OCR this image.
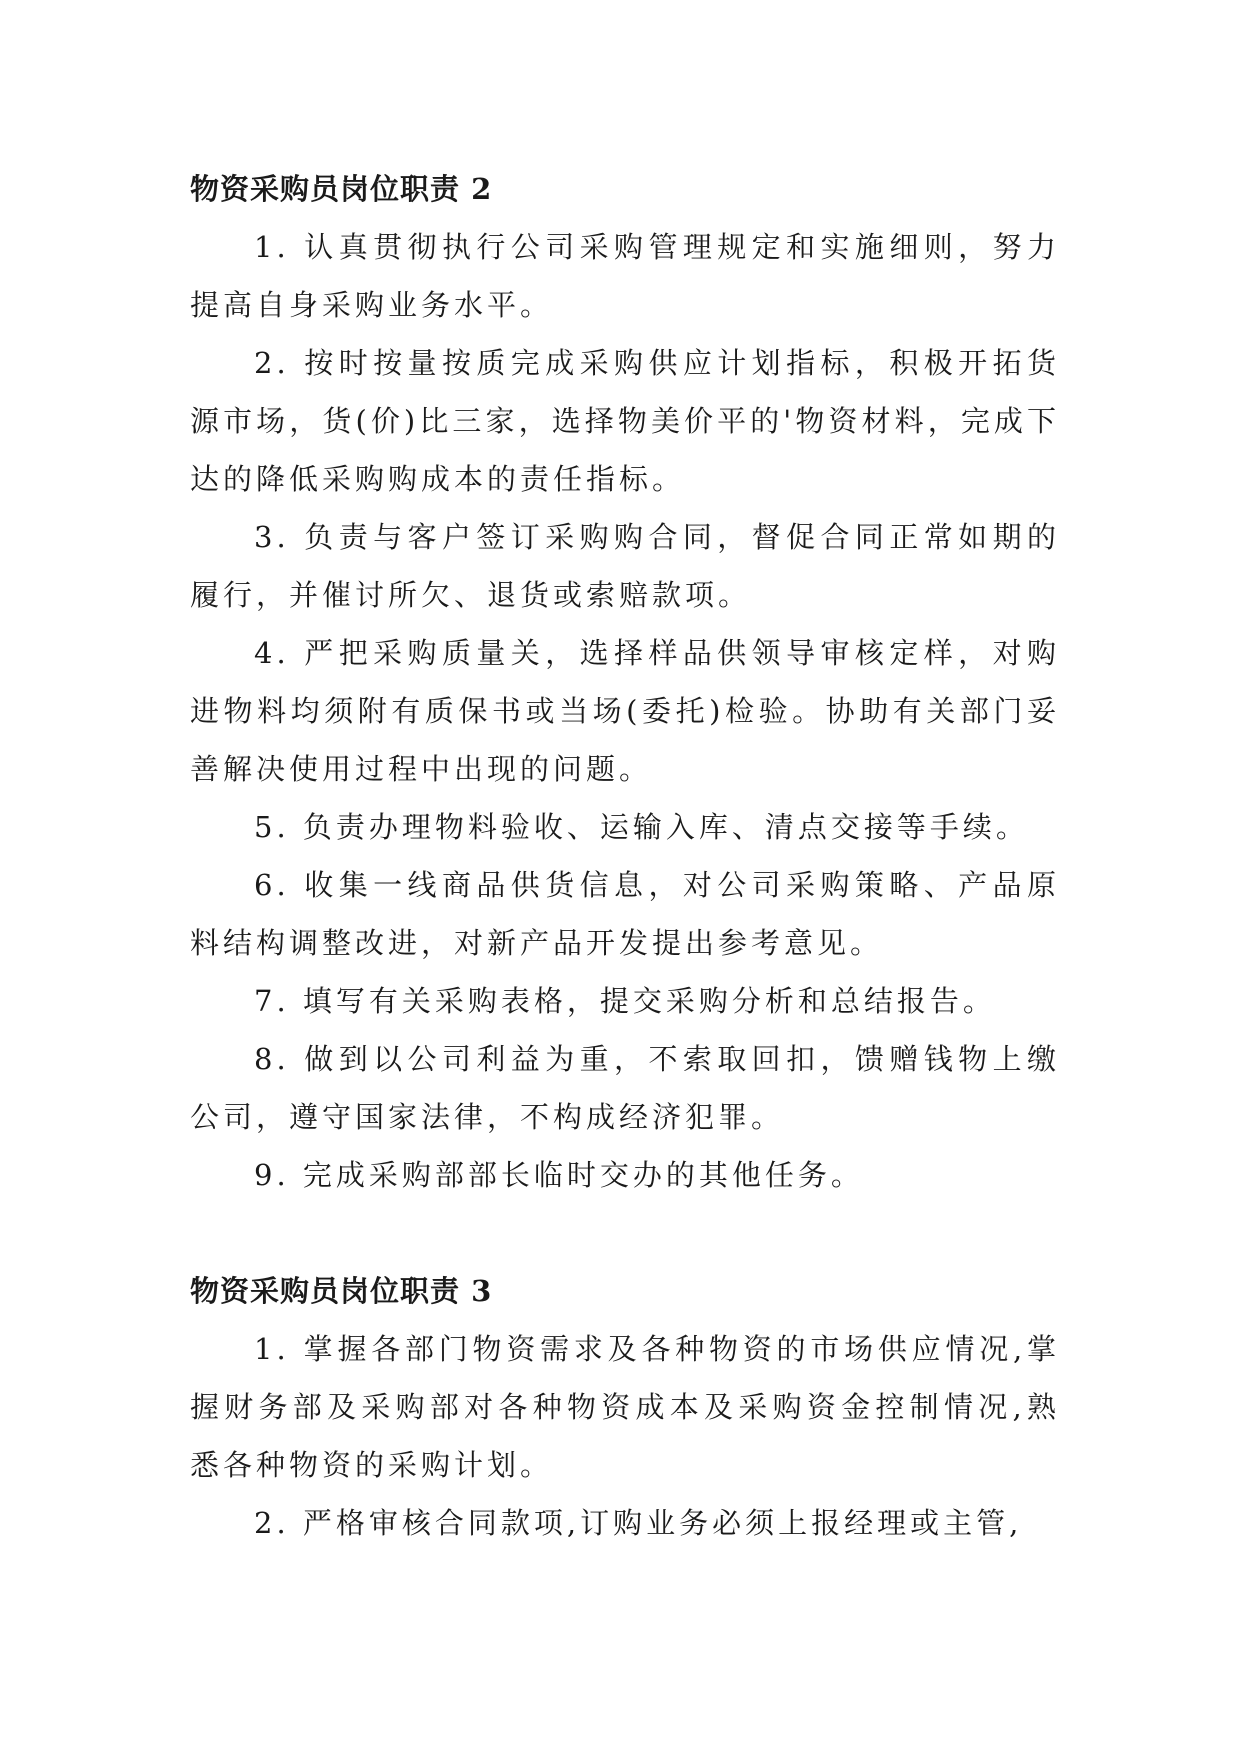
物资采购员岗位职责 2

1. 认真贯彻执行公司采购管理规定和实施细则，努力提高自身采购业务水平。

2. 按时按量按质完成采购供应计划指标，积极开拓货源市场，货(价)比三家，选择物美价平的'物资材料，完成下达的降低采购购成本的责任指标。

3. 负责与客户签订采购购合同，督促合同正常如期的履行，并催讨所欠、退货或索赔款项。

4. 严把采购质量关，选择样品供领导审核定样，对购进物料均须附有质保书或当场(委托)检验。协助有关部门妥善解决使用过程中出现的问题。

5. 负责办理物料验收、运输入库、清点交接等手续。

6. 收集一线商品供货信息，对公司采购策略、产品原料结构调整改进，对新产品开发提出参考意见。

7. 填写有关采购表格，提交采购分析和总结报告。

8. 做到以公司利益为重，不索取回扣，馈赠钱物上缴公司，遵守国家法律，不构成经济犯罪。

9. 完成采购部部长临时交办的其他任务。

物资采购员岗位职责 3

1. 掌握各部门物资需求及各种物资的市场供应情况,掌握财务部及采购部对各种物资成本及采购资金控制情况,熟悉各种物资的采购计划。

2. 严格审核合同款项,订购业务必须上报经理或主管,
